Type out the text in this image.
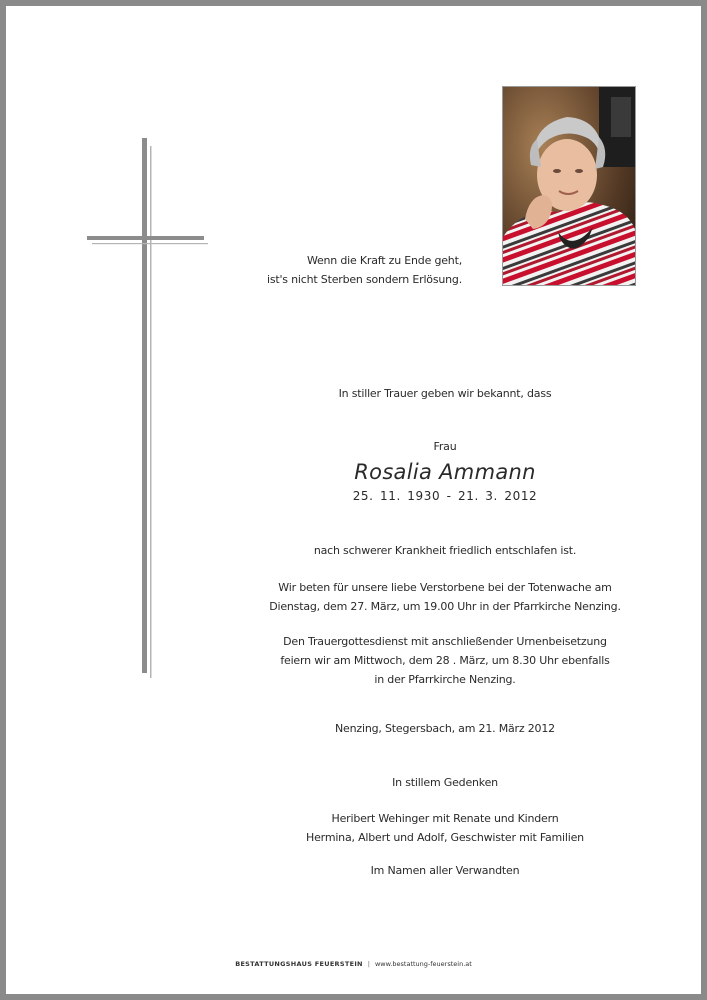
Wenn die Kraft zu Ende geht,
ist's nicht Sterben sondern Erlösung.
In stiller Trauer geben wir bekannt, dass
Frau
Rosalia Ammann
25. 11. 1930 - 21. 3. 2012
nach schwerer Krankheit friedlich entschlafen ist.
Wir beten für unsere liebe Verstorbene bei der Totenwache am
Dienstag, dem 27. März, um 19.00 Uhr in der Pfarrkirche Nenzing.
Den Trauergottesdienst mit anschließender Urnenbeisetzung
feiern wir am Mittwoch, dem 28 . März, um 8.30 Uhr ebenfalls
in der Pfarrkirche Nenzing.
Nenzing, Stegersbach, am 21. März 2012
In stillem Gedenken
Heribert Wehinger mit Renate und Kindern
Hermina, Albert und Adolf, Geschwister mit Familien
Im Namen aller Verwandten
BESTATTUNGSHAUS FEUERSTEIN | www.bestattung-feuerstein.at
